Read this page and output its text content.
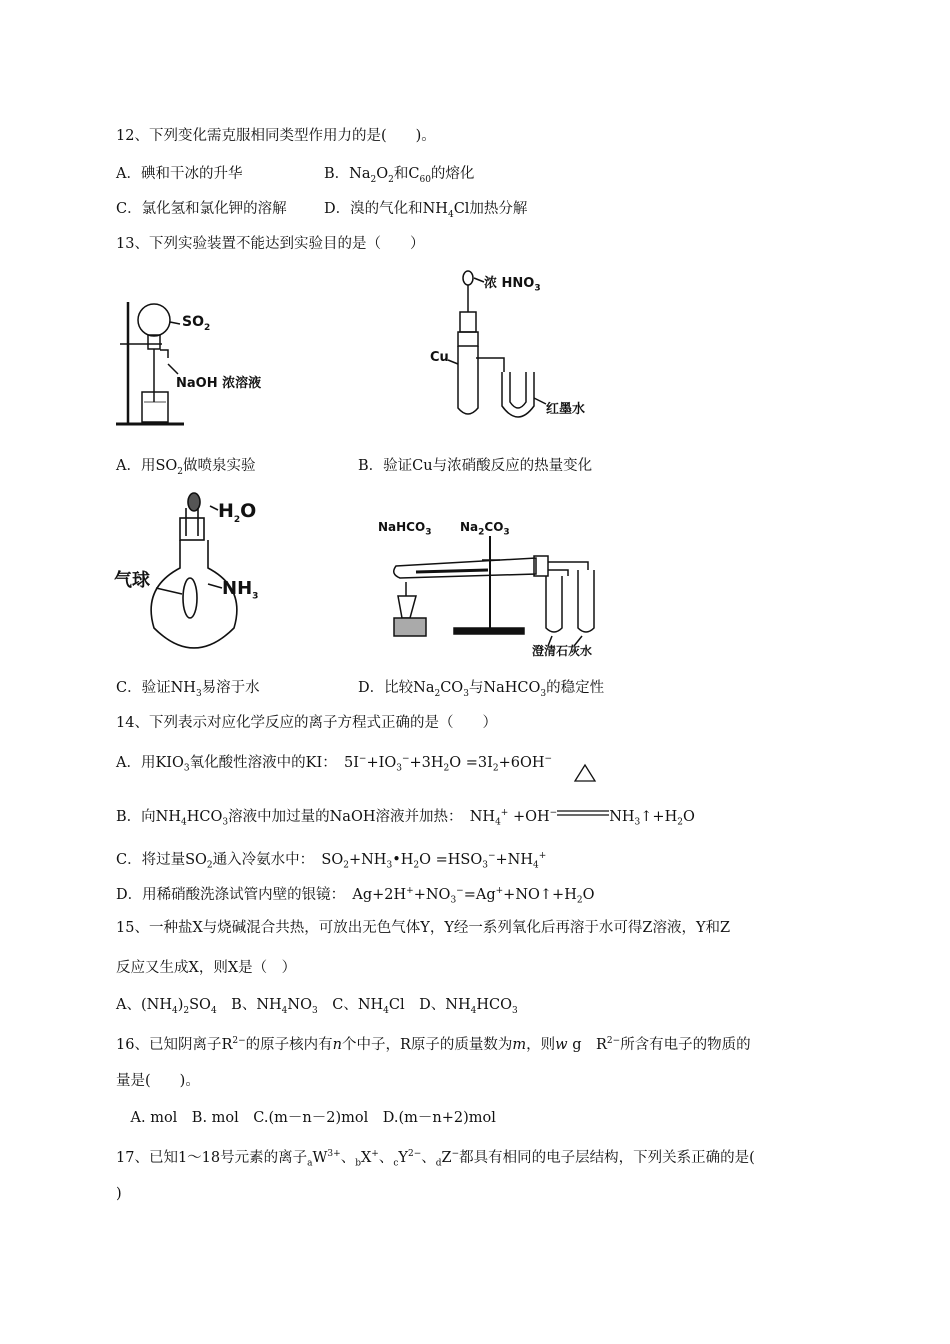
12、下列变化需克服相同类型作用力的是(　　)。
A．碘和干冰的升华	B．$Na_2O_2$和$C_{60}$的熔化
C．氯化氢和氯化钾的溶解	D．溴的气化和$NH_4Cl$加热分解
13、下列实验装置不能达到实验目的是（　　）
$SO_2$
NaOH 浓溶液
浓 $HNO_3$
Cu
红墨水
A．用$SO_2$做喷泉实验	B．验证Cu与浓硝酸反应的热量变化
$H_2O$
气球	$NH_3$
NaHCO$_3$ $Na_2CO_3$
澄清石灰水
C．验证$NH_3$易溶于水	D．比较$Na_2CO_3$与NaHCO$_3$的稳定性
14、下列表示对应化学反应的离子方程式正确的是（　　）
A．用$KIO_3$氧化酸性溶液中的KI：　$5I^-+IO_3^-+3H_2O =3I_2+6OH^-$
B．向$NH_4HCO_3$溶液中加过量的NaOH溶液并加热：　$NH_4^+ +OH^-$	$NH_3↑+H_2O$
C．将过量$SO_2$通入冷氨水中：　$SO_2+NH_3•H_2O =HSO_3^-+NH_4^+$
D．用稀硝酸洗涤试管内壁的银镜：　$Ag+2H^++NO_3^-=Ag^++NO↑+H_2O$
15、一种盐X与烧碱混合共热，可放出无色气体Y，Y经一系列氧化后再溶于水可得Z溶液，Y和Z
反应又生成X，则X是（　）
A、$(NH_4)_2SO_4$　B、$NH_4NO_3$　C、$NH_4Cl$　D、$NH_4HCO_3$
16、已知阴离子$R^{2-}$的原子核内有n个中子，R原子的质量数为m，则w g　$R^{2-}$所含有电子的物质的
量是(　　)。
　A. mol　B. mol　C.(m－n－2)mol　D.(m－n+2)mol
17、已知1～18号元素的离子$_aW^{3+}$、$_b$X+、$_cY^{2-}$、$_d$Z−都具有相同的电子层结构，下列关系正确的是(
)
